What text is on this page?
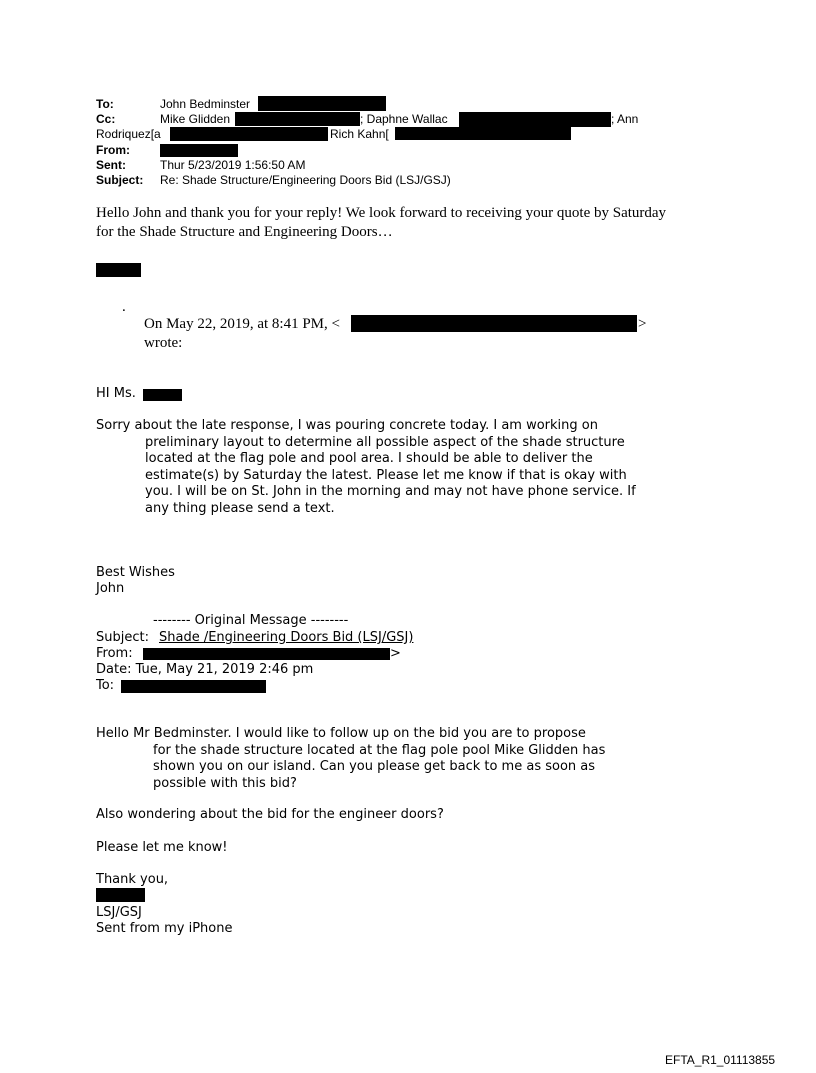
To:	John Bedminster
Cc:	Mike Glidden	; Daphne Wallac	; Ann
Rodriquez[a	Rich Kahn[
From:
Sent:	Thur 5/23/2019 1:56:50 AM
Subject: Re: Shade Structure/Engineering Doors Bid (LSJ/GSJ)
Hello John and thank you for your reply! We look forward to receiving your quote by Saturday
for the Shade Structure and Engineering Doors…
.
On May 22, 2019, at 8:41 PM, <	>
wrote:
HI Ms.
Sorry about the late response, I was pouring concrete today. I am working on
preliminary layout to determine all possible aspect of the shade structure
located at the flag pole and pool area. I should be able to deliver the
estimate(s) by Saturday the latest. Please let me know if that is okay with
you. I will be on St. John in the morning and may not have phone service. If
any thing please send a text.
Best Wishes
John
-------- Original Message --------
Subject: Shade /Engineering Doors Bid (LSJ/GSJ)
From:	>
Date: Tue, May 21, 2019 2:46 pm
To:
Hello Mr Bedminster. I would like to follow up on the bid you are to propose
for the shade structure located at the flag pole pool Mike Glidden has
shown you on our island. Can you please get back to me as soon as
possible with this bid?
Also wondering about the bid for the engineer doors?
Please let me know!
Thank you,
LSJ/GSJ
Sent from my iPhone
EFTA_R1_01113855
